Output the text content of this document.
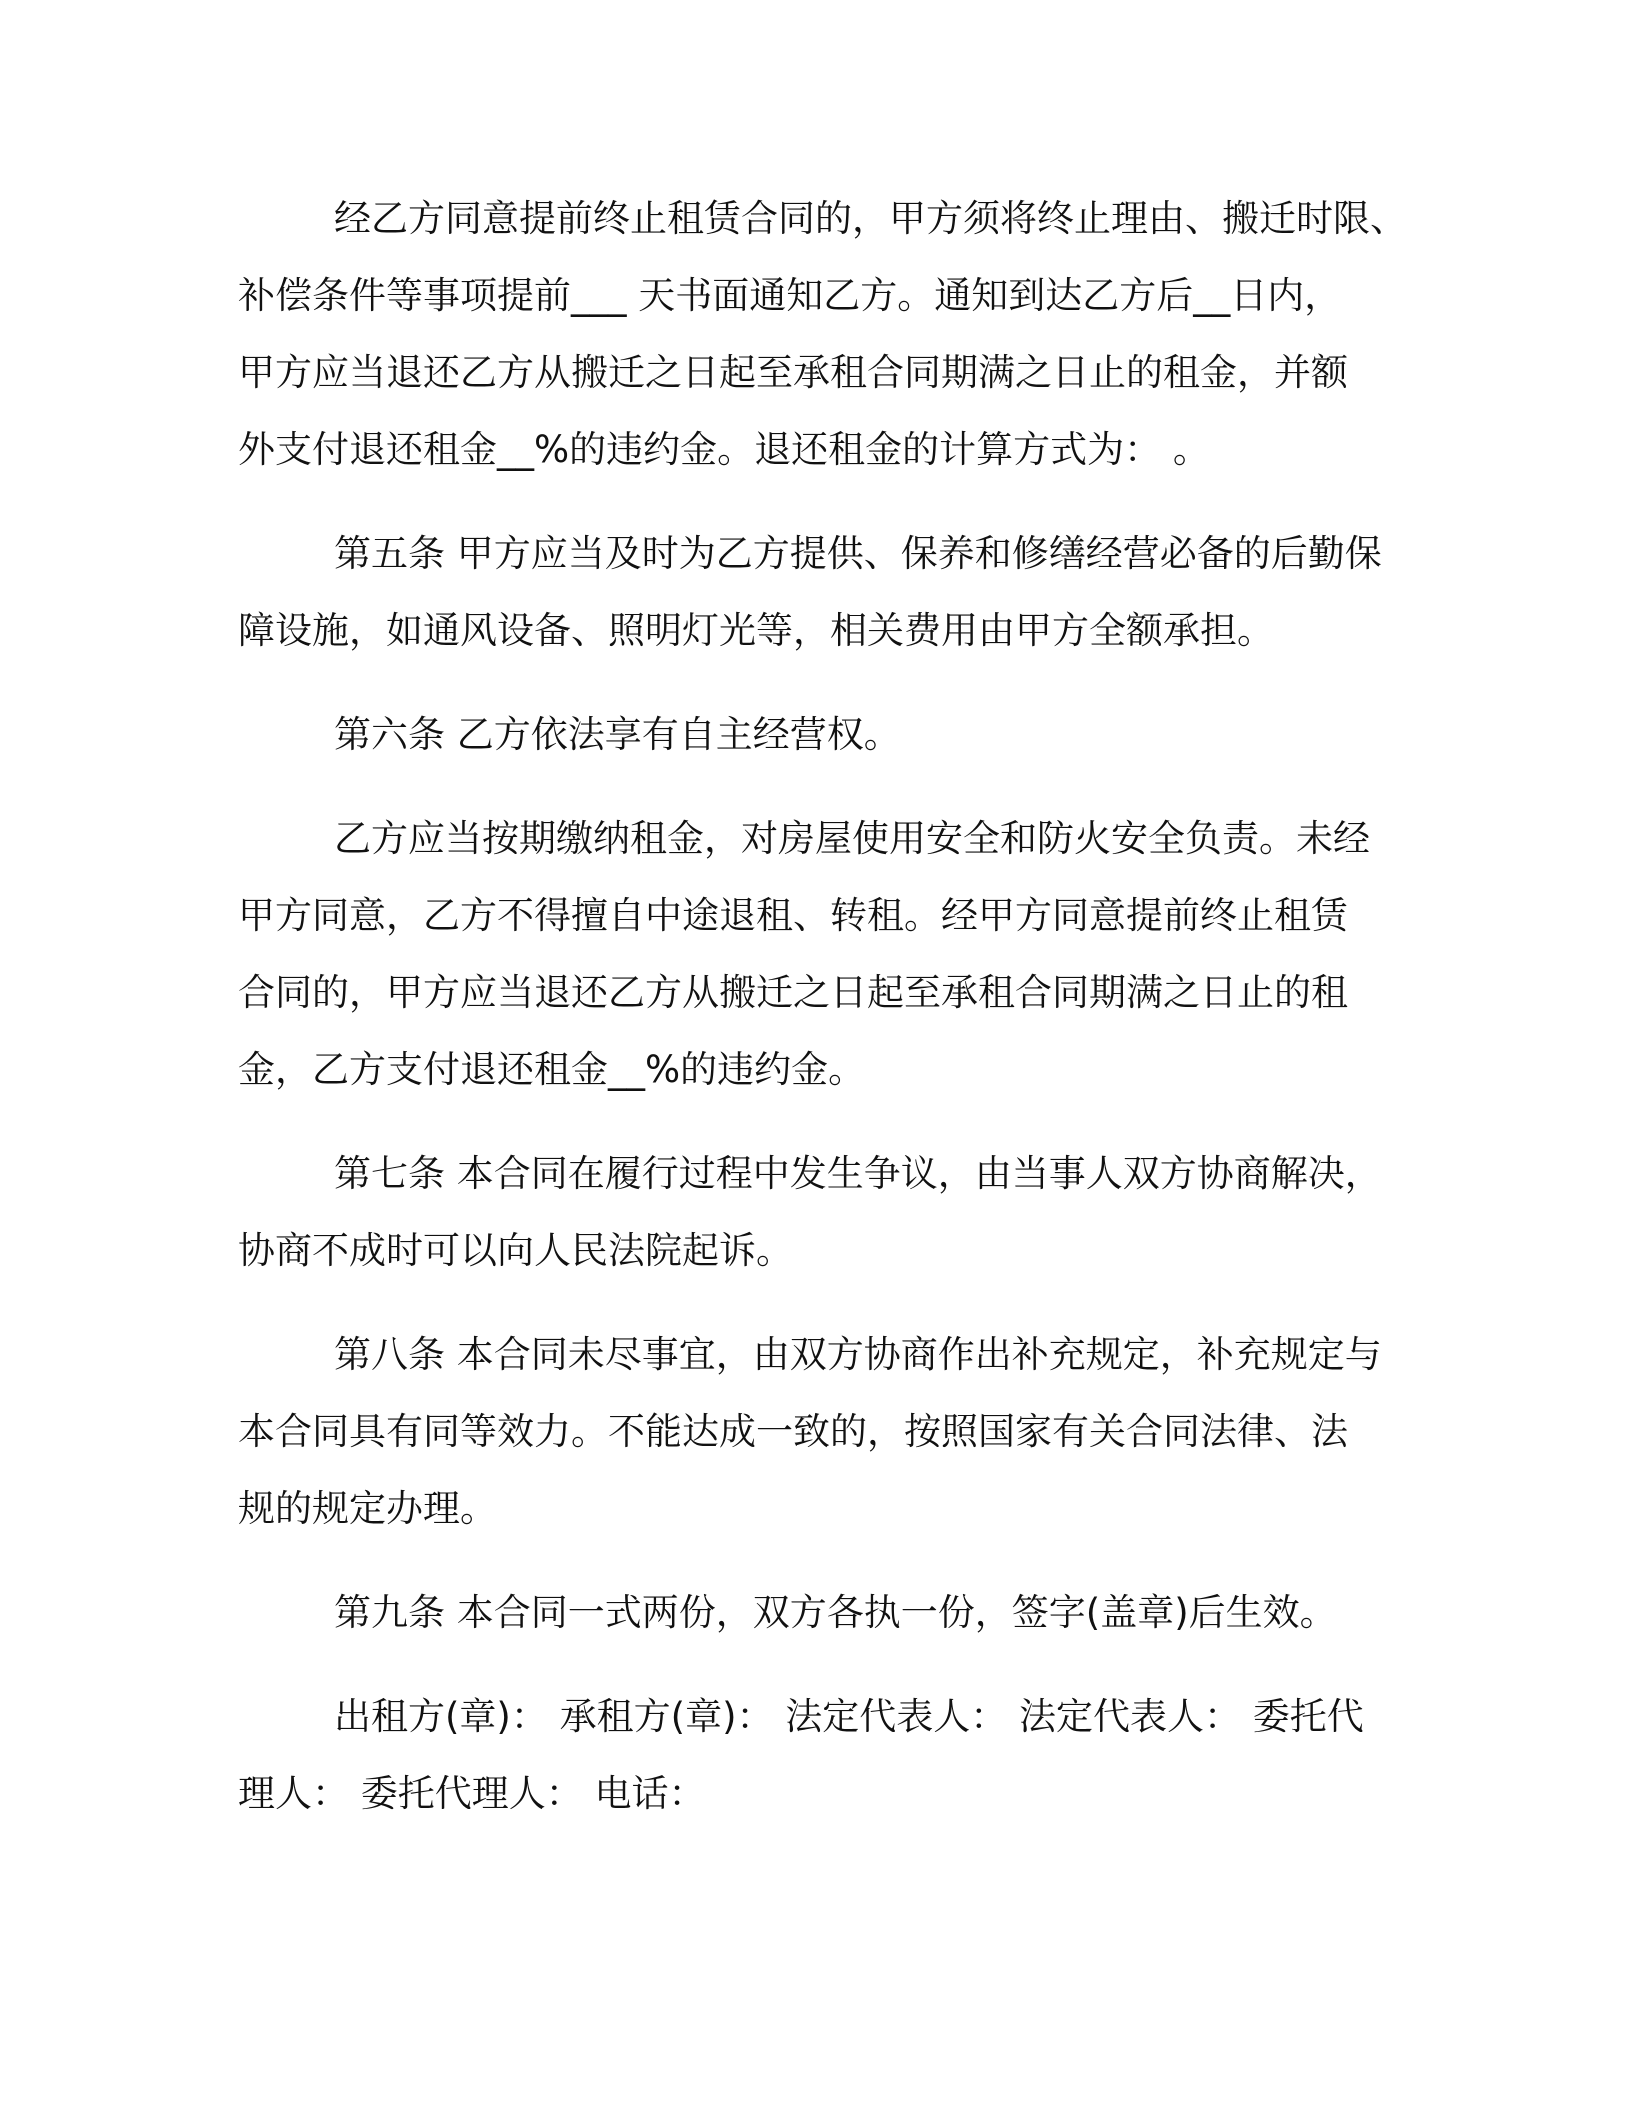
经乙方同意提前终止租赁合同的，甲方须将终止理由、搬迁时限、
补偿条件等事项提前___ 天书面通知乙方。通知到达乙方后__日内，
甲方应当退还乙方从搬迁之日起至承租合同期满之日止的租金，并额
外支付退还租金__%的违约金。退还租金的计算方式为： 。

第五条 甲方应当及时为乙方提供、保养和修缮经营必备的后勤保
障设施，如通风设备、照明灯光等，相关费用由甲方全额承担。

第六条 乙方依法享有自主经营权。

乙方应当按期缴纳租金，对房屋使用安全和防火安全负责。未经
甲方同意，乙方不得擅自中途退租、转租。经甲方同意提前终止租赁
合同的，甲方应当退还乙方从搬迁之日起至承租合同期满之日止的租
金，乙方支付退还租金__%的违约金。

第七条 本合同在履行过程中发生争议，由当事人双方协商解决，
协商不成时可以向人民法院起诉。

第八条 本合同未尽事宜，由双方协商作出补充规定，补充规定与
本合同具有同等效力。不能达成一致的，按照国家有关合同法律、法
规的规定办理。

第九条 本合同一式两份，双方各执一份，签字(盖章)后生效。

出租方(章)： 承租方(章)： 法定代表人： 法定代表人： 委托代
理人： 委托代理人： 电话：
